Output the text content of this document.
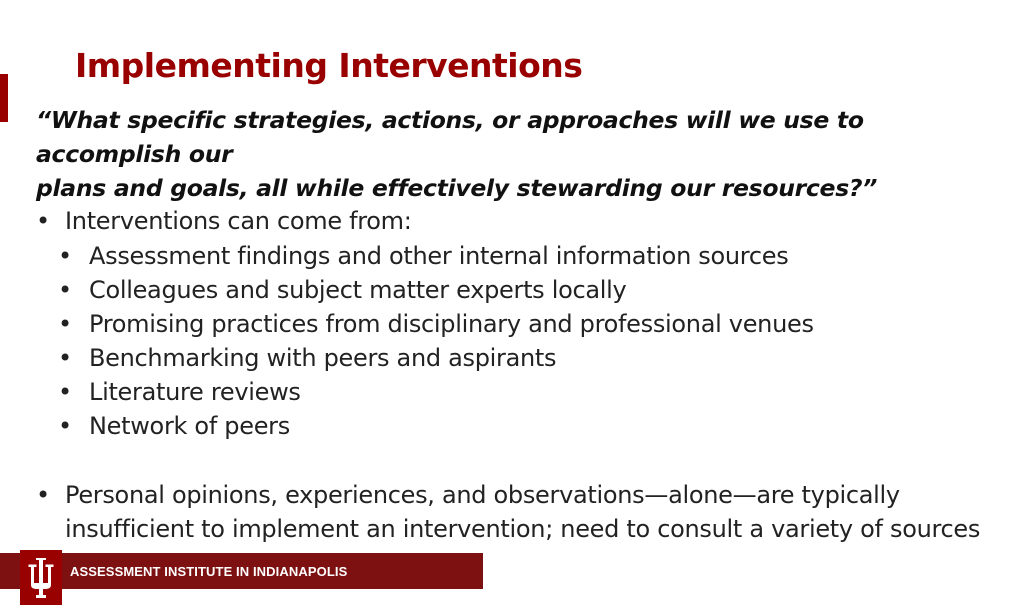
Implementing Interventions
“What specific strategies, actions, or approaches will we use to accomplish our
plans and goals, all while effectively stewarding our resources?”
• Interventions can come from:
• Assessment findings and other internal information sources
• Colleagues and subject matter experts locally
• Promising practices from disciplinary and professional venues
• Benchmarking with peers and aspirants
• Literature reviews
• Network of peers
• Personal opinions, experiences, and observations—alone—are typically
insufficient to implement an intervention; need to consult a variety of sources
ASSESSMENT INSTITUTE IN INDIANAPOLIS
